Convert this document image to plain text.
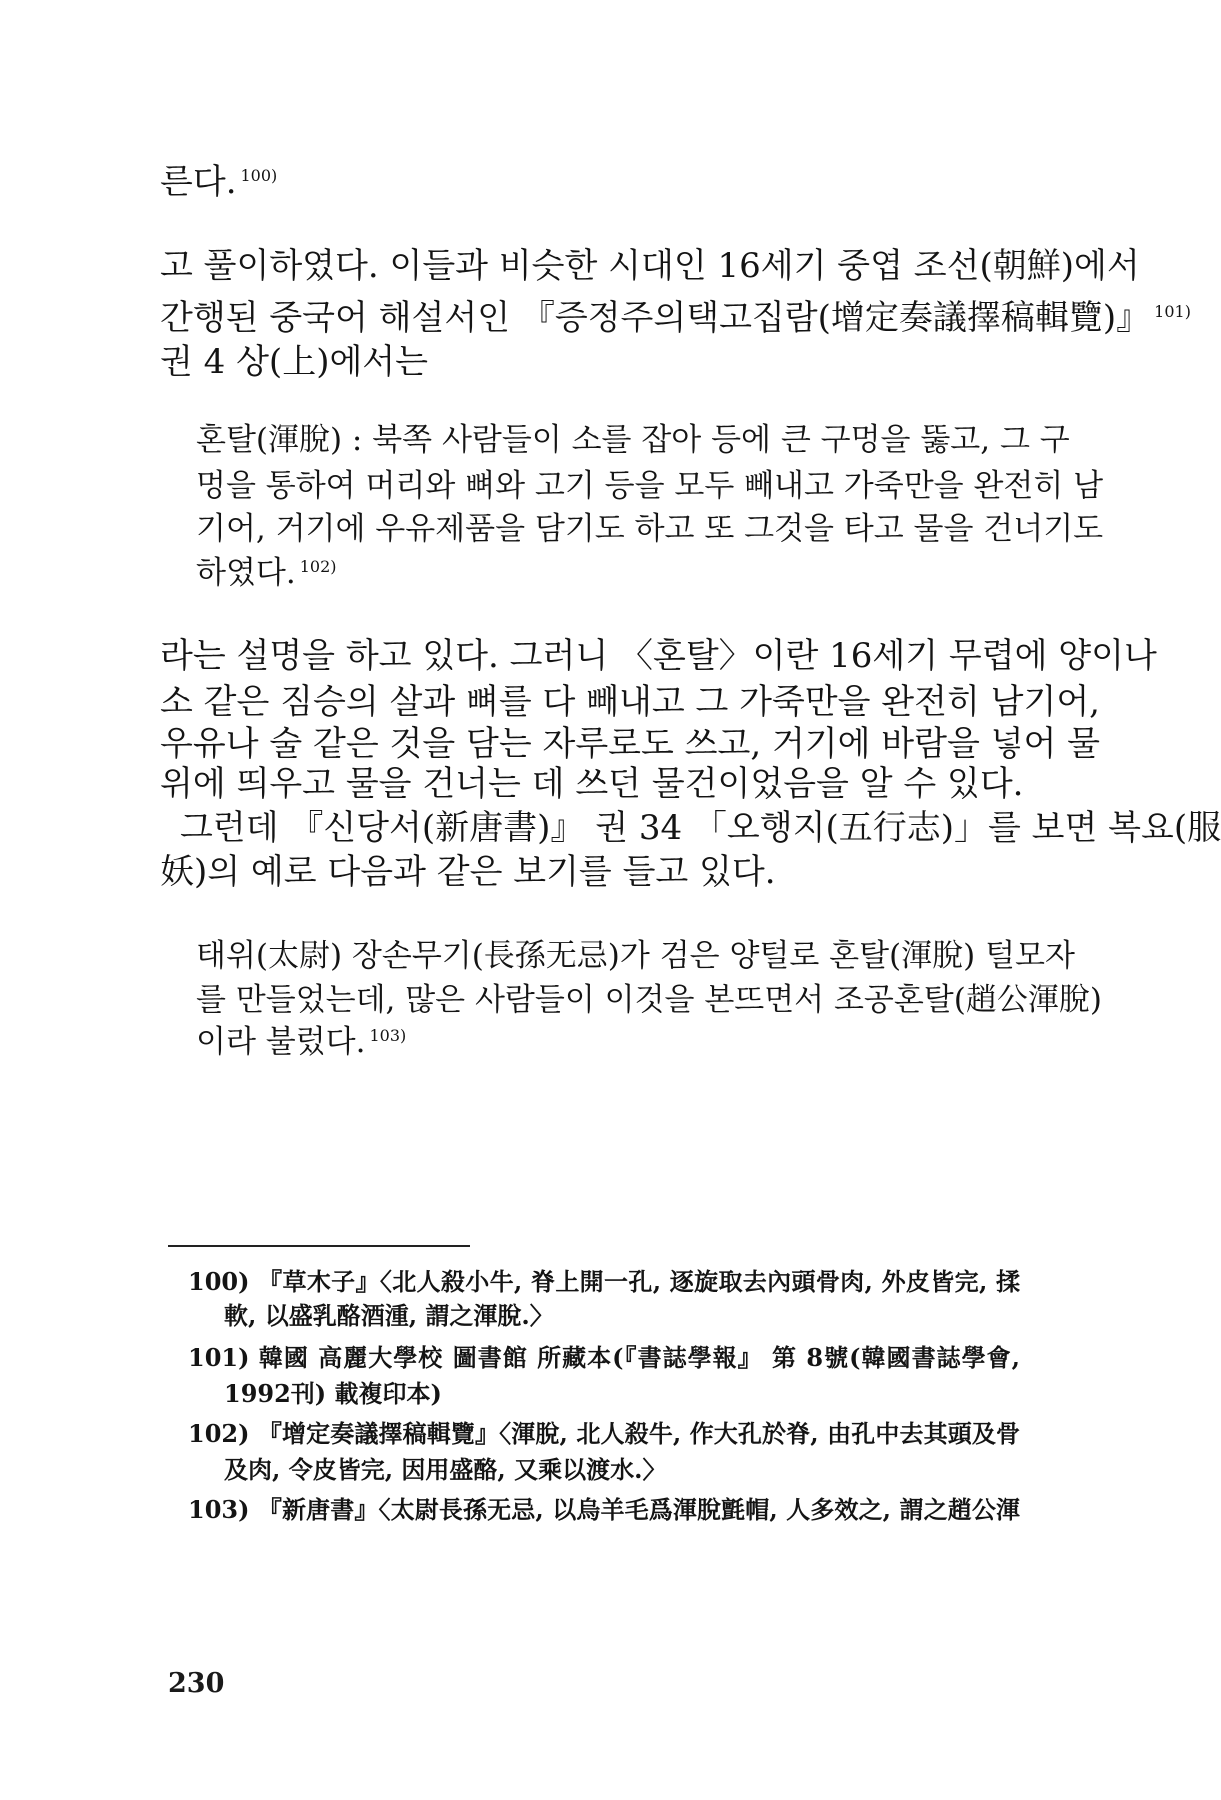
른다. $^{100)}$
고 풀이하였다. 이들과 비슷한 시대인 16세기 중엽 조선(朝鮮)에서
간행된 중국어 해설서인 『증정주의택고집람(增定奏議擇稿輯覽)』 $^{101)}$
권 4 상(上)에서는
혼탈(渾脫) : 북쪽 사람들이 소를 잡아 등에 큰 구멍을 뚫고, 그 구
멍을 통하여 머리와 뼈와 고기 등을 모두 빼내고 가죽만을 완전히 남
기어, 거기에 우유제품을 담기도 하고 또 그것을 타고 물을 건너기도
하였다. $^{102)}$
라는 설명을 하고 있다. 그러니 〈혼탈〉이란 16세기 무렵에 양이나
소 같은 짐승의 살과 뼈를 다 빼내고 그 가죽만을 완전히 남기어,
우유나 술 같은 것을 담는 자루로도 쓰고, 거기에 바람을 넣어 물
위에 띄우고 물을 건너는 데 쓰던 물건이었음을 알 수 있다.
그런데 『신당서(新唐書)』 권 34 「오행지(五行志)」를 보면 복요(服
妖)의 예로 다음과 같은 보기를 들고 있다.
태위(太尉) 장손무기(長孫无忌)가 검은 양털로 혼탈(渾脫) 털모자
를 만들었는데, 많은 사람들이 이것을 본뜨면서 조공혼탈(趙公渾脫)
이라 불렀다. $^{103)}$
100) 『草木子』〈北人殺小牛, 脊上開一孔, 逐旋取去內頭骨肉, 外皮皆完, 揉
軟, 以盛乳酪酒湩, 謂之渾脫.〉
101) 韓國 高麗大學校 圖書館 所藏本(『書誌學報』 第 8號(韓國書誌學會,
1992刊) 載複印本)
102) 『增定奏議擇稿輯覽』〈渾脫, 北人殺牛, 作大孔於脊, 由孔中去其頭及骨
及肉, 令皮皆完, 因用盛酪, 又乘以渡水.〉
103) 『新唐書』〈太尉長孫无忌, 以烏羊毛爲渾脫氈帽, 人多效之, 謂之趙公渾
230
